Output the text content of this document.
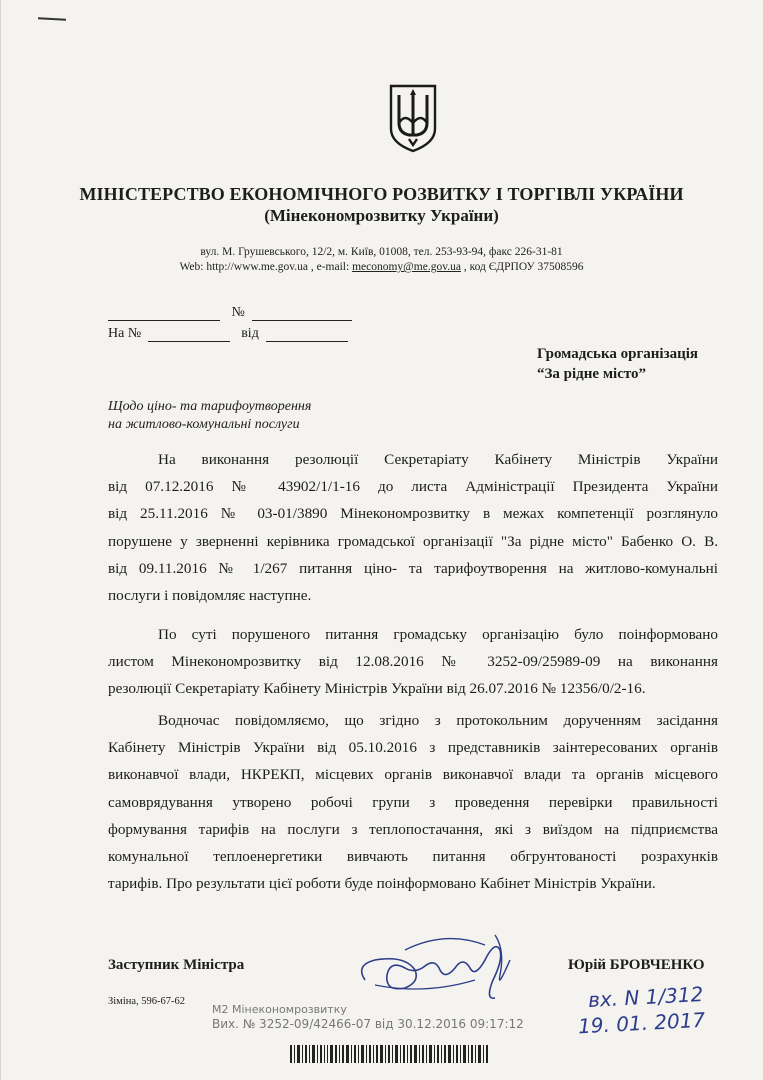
МІНІСТЕРСТВО ЕКОНОМІЧНОГО РОЗВИТКУ І ТОРГІВЛІ УКРАЇНИ
(Мінекономрозвитку України)
вул. М. Грушевського, 12/2, м. Київ, 01008, тел. 253-93-94, факс 226-31-81
Web: http://www.me.gov.ua , e-mail: meconomy@me.gov.ua , код ЄДРПОУ 37508596
№
На №	від
Громадська організація
“За рідне місто”
Щодо ціно- та тарифоутворення
на житлово-комунальні послуги
На виконання резолюції Секретаріату Кабінету Міністрів України
від 07.12.2016 № 43902/1/1-16 до листа Адміністрації Президента України
від 25.11.2016 № 03-01/3890 Мінекономрозвитку в межах компетенції розглянуло
порушене у зверненні керівника громадської організації "За рідне місто" Бабенко О. В.
від 09.11.2016 № 1/267 питання ціно- та тарифоутворення на житлово-комунальні
послуги і повідомляє наступне.
По суті порушеного питання громадську організацію було поінформовано
листом Мінекономрозвитку від 12.08.2016 № 3252-09/25989-09 на виконання
резолюції Секретаріату Кабінету Міністрів України від 26.07.2016 № 12356/0/2-16.
Водночас повідомляємо, що згідно з протокольним дорученням засідання
Кабінету Міністрів України від 05.10.2016 з представників заінтересованих органів
виконавчої влади, НКРЕКП, місцевих органів виконавчої влади та органів місцевого
самоврядування утворено робочі групи з проведення перевірки правильності
формування тарифів на послуги з теплопостачання, які з виїздом на підприємства
комунальної теплоенергетики вивчають питання обгрунтованості розрахунків
тарифів. Про результати цієї роботи буде поінформовано Кабінет Міністрів України.
Заступник Міністра	Юрій БРОВЧЕНКО
Зіміна, 596-67-62
М2 Мінекономрозвитку
Вих. № 3252-09/42466-07 від 30.12.2016 09:17:12
вх. N 1/312
19. 01. 2017
